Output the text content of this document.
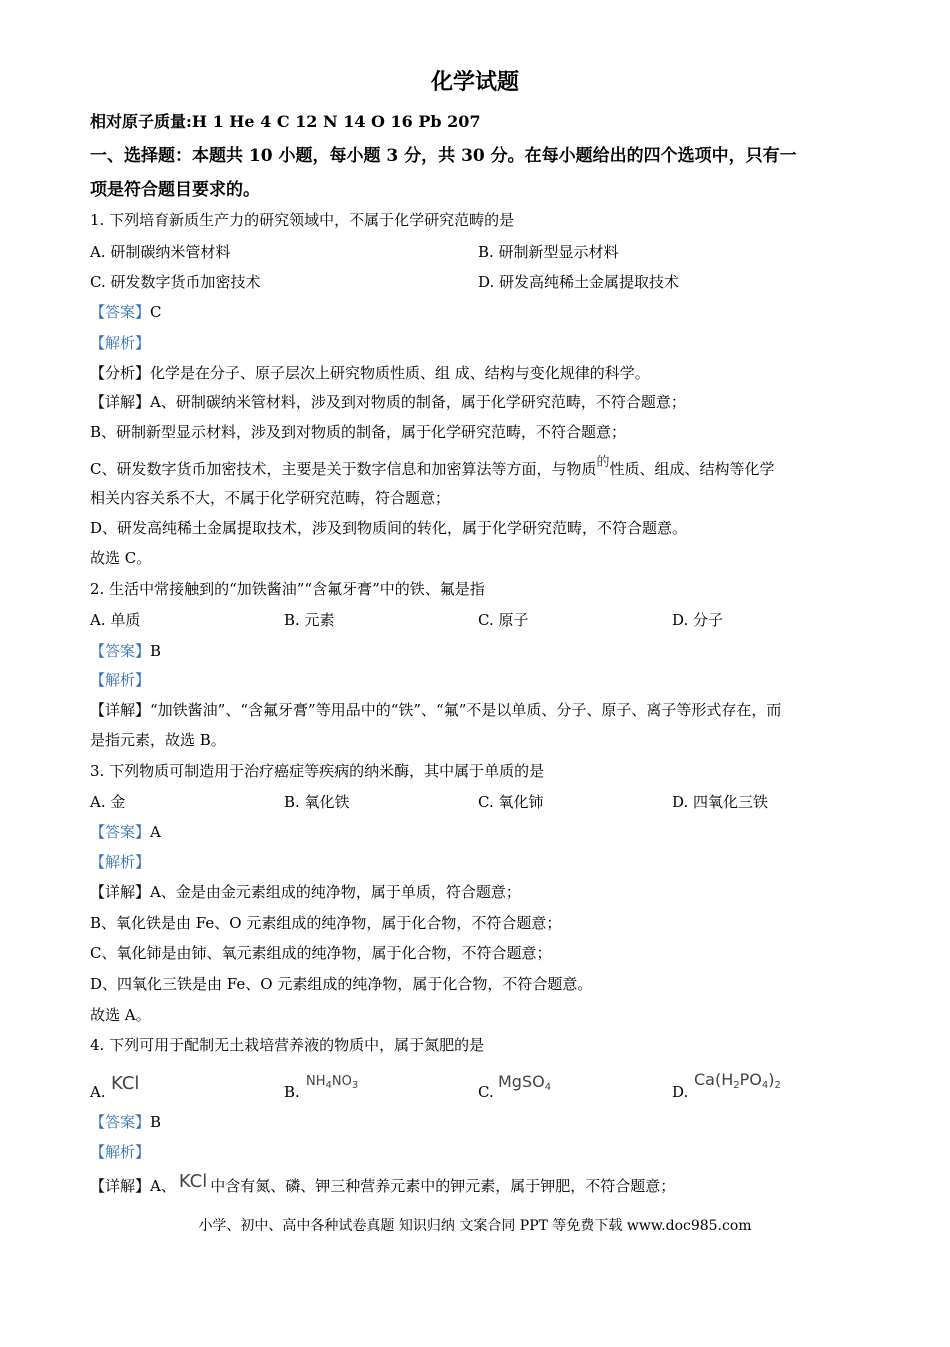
化学试题
相对原子质量:H 1 He 4 C 12 N 14 O 16 Pb 207
一、选择题：本题共 10 小题，每小题 3 分，共 30 分。在每小题给出的四个选项中，只有一
项是符合题目要求的。
1. 下列培育新质生产力的研究领域中，不属于化学研究范畴的是
A. 研制碳纳米管材料	B. 研制新型显示材料
C. 研发数字货币加密技术	D. 研发高纯稀土金属提取技术
【答案】C
【解析】
【分析】化学是在分子、原子层次上研究物质性质、组 成、结构与变化规律的科学。
【详解】A、研制碳纳米管材料，涉及到对物质的制备，属于化学研究范畴，不符合题意；
B、研制新型显示材料，涉及到对物质的制备，属于化学研究范畴，不符合题意；
C、研发数字货币加密技术，主要是关于数字信息和加密算法等方面，与物质的性质、组成、结构等化学
相关内容关系不大，不属于化学研究范畴，符合题意；
D、研发高纯稀土金属提取技术，涉及到物质间的转化，属于化学研究范畴，不符合题意。
故选 C。
2. 生活中常接触到的“加铁酱油”“含氟牙膏”中的铁、氟是指
A. 单质	B. 元素	C. 原子	D. 分子
【答案】B
【解析】
【详解】“加铁酱油”、“含氟牙膏”等用品中的“铁”、“氟”不是以单质、分子、原子、离子等形式存在，而
是指元素，故选 B。
3. 下列物质可制造用于治疗癌症等疾病的纳米酶，其中属于单质的是
A. 金	B. 氧化铁	C. 氧化铈	D. 四氧化三铁
【答案】A
【解析】
【详解】A、金是由金元素组成的纯净物，属于单质，符合题意；
B、氧化铁是由 Fe、O 元素组成的纯净物，属于化合物，不符合题意；
C、氧化铈是由铈、氧元素组成的纯净物，属于化合物，不符合题意；
D、四氧化三铁是由 Fe、O 元素组成的纯净物，属于化合物，不符合题意。
故选 A。
4. 下列可用于配制无土栽培营养液的物质中，属于氮肥的是
A. KCl	B.
$NH_4NO_3$	C.
MgSO$_4$	D.
$Ca(H_2PO_4)_2$
【答案】B
【解析】
【详解】A、 KCl 中含有氮、磷、钾三种营养元素中的钾元素，属于钾肥，不符合题意；
小学、初中、高中各种试卷真题 知识归纳 文案合同 PPT 等免费下载 www.doc985.com
